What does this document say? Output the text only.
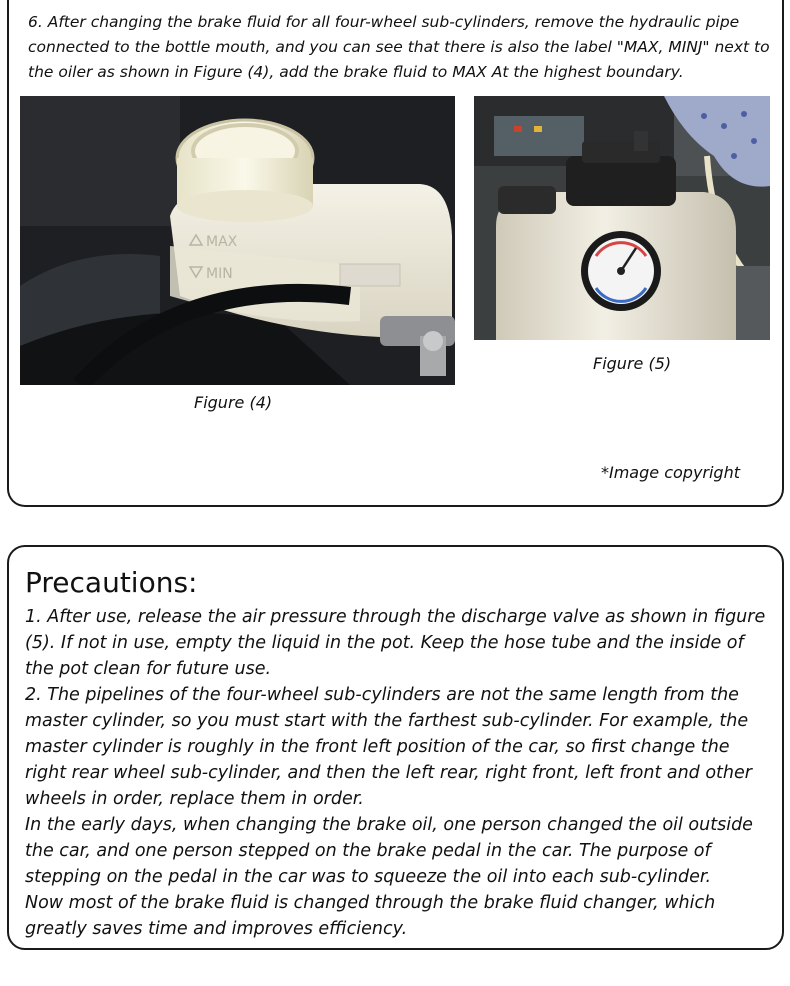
6. After changing the brake fluid for all four-wheel sub-cylinders, remove the hydraulic pipe connected to the bottle mouth, and you can see that there is also the label "MAX, MINJ" next to the oiler as shown in Figure (4), add the brake fluid to MAX At the highest boundary.
MAX
MIN
Figure (4)
Figure (5)
*Image copyright
Precautions:

1. After use, release the air pressure through the discharge valve as shown in figure (5). If not in use, empty the liquid in the pot. Keep the hose tube and the inside of the pot clean for future use.

2. The pipelines of the four-wheel sub-cylinders are not the same length from the master cylinder, so you must start with the farthest sub-cylinder. For example, the master cylinder is roughly in the front left position of the car, so first change the right rear wheel sub-cylinder, and then the left rear, right front, left front and other wheels in order, replace them in order.

In the early days, when changing the brake oil, one person changed the oil outside the car, and one person stepped on the brake pedal in the car. The purpose of stepping on the pedal in the car was to squeeze the oil into each sub-cylinder.

Now most of the brake fluid is changed through the brake fluid changer, which greatly saves time and improves efficiency.
